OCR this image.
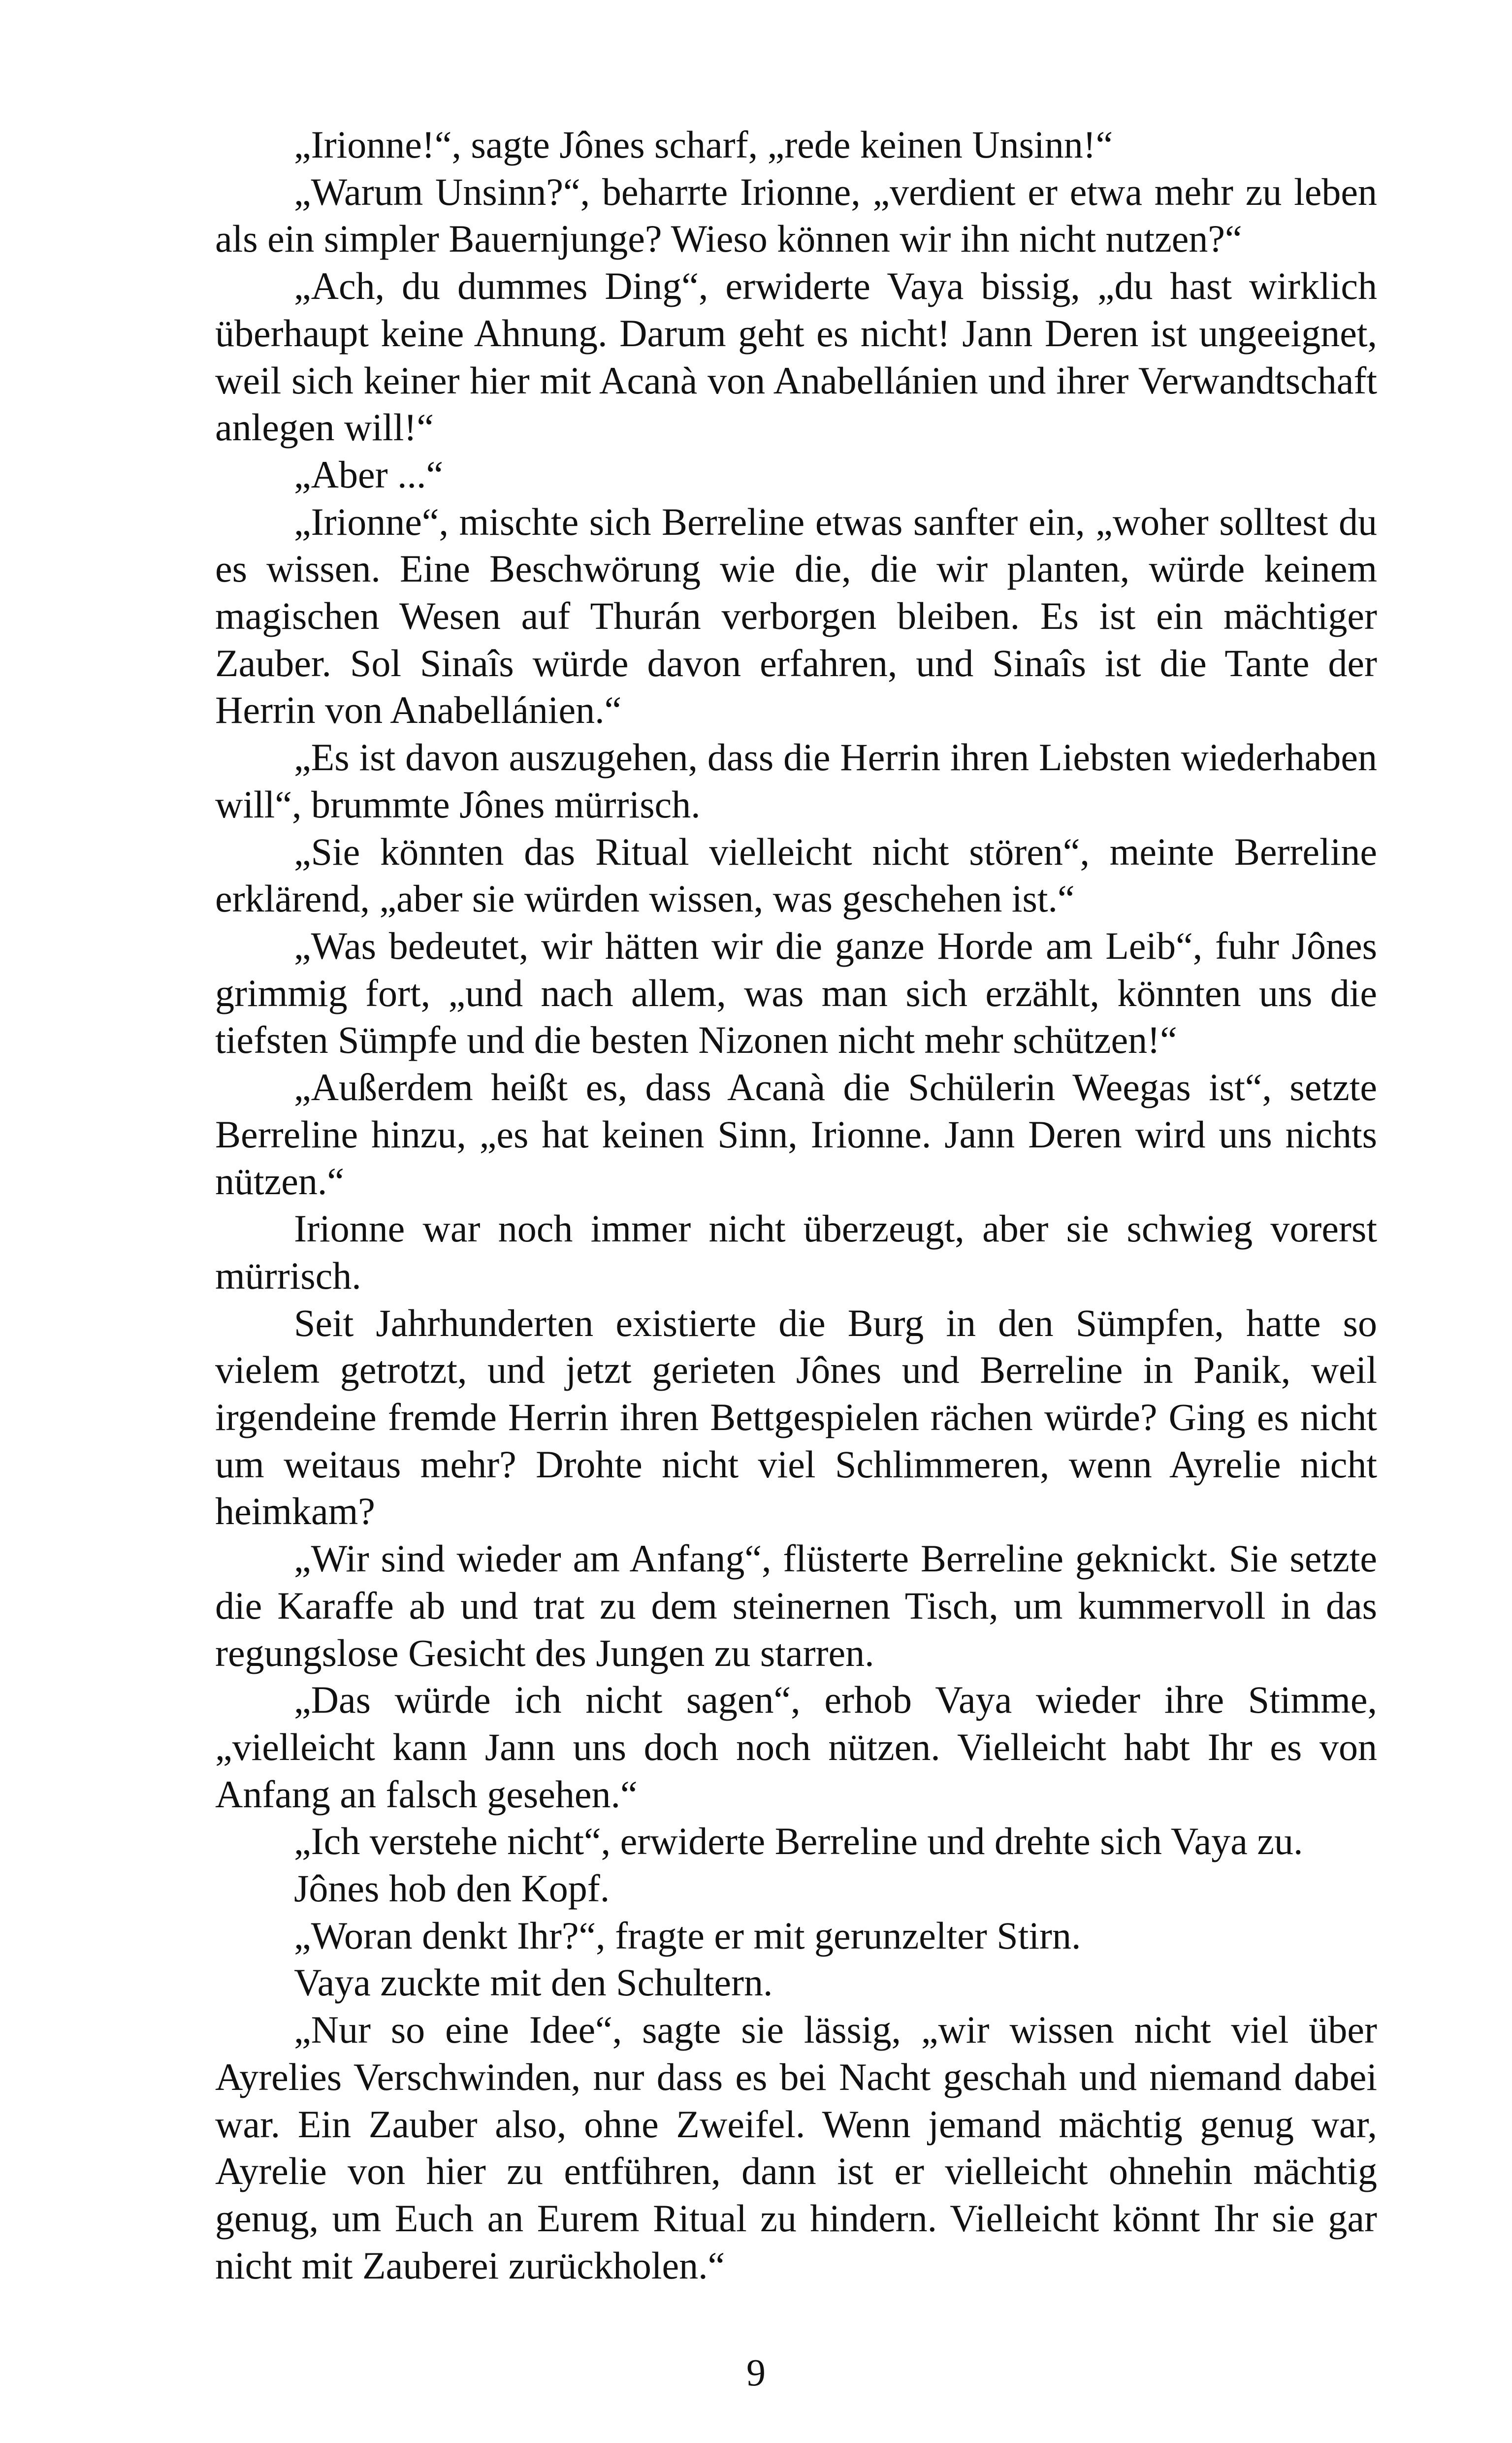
„Irionne!“, sagte Jônes scharf, „rede keinen Unsinn!“

„Warum Unsinn?“, beharrte Irionne, „verdient er etwa mehr zu leben als ein simpler Bauernjunge? Wieso können wir ihn nicht nutzen?“

„Ach, du dummes Ding“, erwiderte Vaya bissig, „du hast wirklich überhaupt keine Ahnung. Darum geht es nicht! Jann Deren ist ungeeignet, weil sich keiner hier mit Acanà von Anabellánien und ihrer Verwandtschaft anlegen will!“

„Aber ...“

„Irionne“, mischte sich Berreline etwas sanfter ein, „woher solltest du es wissen. Eine Beschwörung wie die, die wir planten, würde keinem magischen Wesen auf Thurán verborgen bleiben. Es ist ein mächtiger Zauber. Sol Sinaîs würde davon erfahren, und Sinaîs ist die Tante der Herrin von Anabellánien.“

„Es ist davon auszugehen, dass die Herrin ihren Liebsten wiederhaben will“, brummte Jônes mürrisch.

„Sie könnten das Ritual vielleicht nicht stören“, meinte Berreline erklärend, „aber sie würden wissen, was geschehen ist.“

„Was bedeutet, wir hätten wir die ganze Horde am Leib“, fuhr Jônes grimmig fort, „und nach allem, was man sich erzählt, könnten uns die tiefsten Sümpfe und die besten Nizonen nicht mehr schützen!“

„Außerdem heißt es, dass Acanà die Schülerin Weegas ist“, setzte Berreline hinzu, „es hat keinen Sinn, Irionne. Jann Deren wird uns nichts nützen.“

Irionne war noch immer nicht überzeugt, aber sie schwieg vorerst mürrisch.

Seit Jahrhunderten existierte die Burg in den Sümpfen, hatte so vielem getrotzt, und jetzt gerieten Jônes und Berreline in Panik, weil irgendeine fremde Herrin ihren Bettgespielen rächen würde? Ging es nicht um weitaus mehr? Drohte nicht viel Schlimmeren, wenn Ayrelie nicht heimkam?

„Wir sind wieder am Anfang“, flüsterte Berreline geknickt. Sie setzte die Karaffe ab und trat zu dem steinernen Tisch, um kummervoll in das regungslose Gesicht des Jungen zu starren.

„Das würde ich nicht sagen“, erhob Vaya wieder ihre Stimme, „vielleicht kann Jann uns doch noch nützen. Vielleicht habt Ihr es von Anfang an falsch gesehen.“

„Ich verstehe nicht“, erwiderte Berreline und drehte sich Vaya zu.

Jônes hob den Kopf.

„Woran denkt Ihr?“, fragte er mit gerunzelter Stirn.

Vaya zuckte mit den Schultern.

„Nur so eine Idee“, sagte sie lässig, „wir wissen nicht viel über Ayrelies Verschwinden, nur dass es bei Nacht geschah und niemand dabei war. Ein Zauber also, ohne Zweifel. Wenn jemand mächtig genug war, Ayrelie von hier zu entführen, dann ist er vielleicht ohnehin mächtig genug, um Euch an Eurem Ritual zu hindern. Vielleicht könnt Ihr sie gar nicht mit Zauberei zurückholen.“

9
